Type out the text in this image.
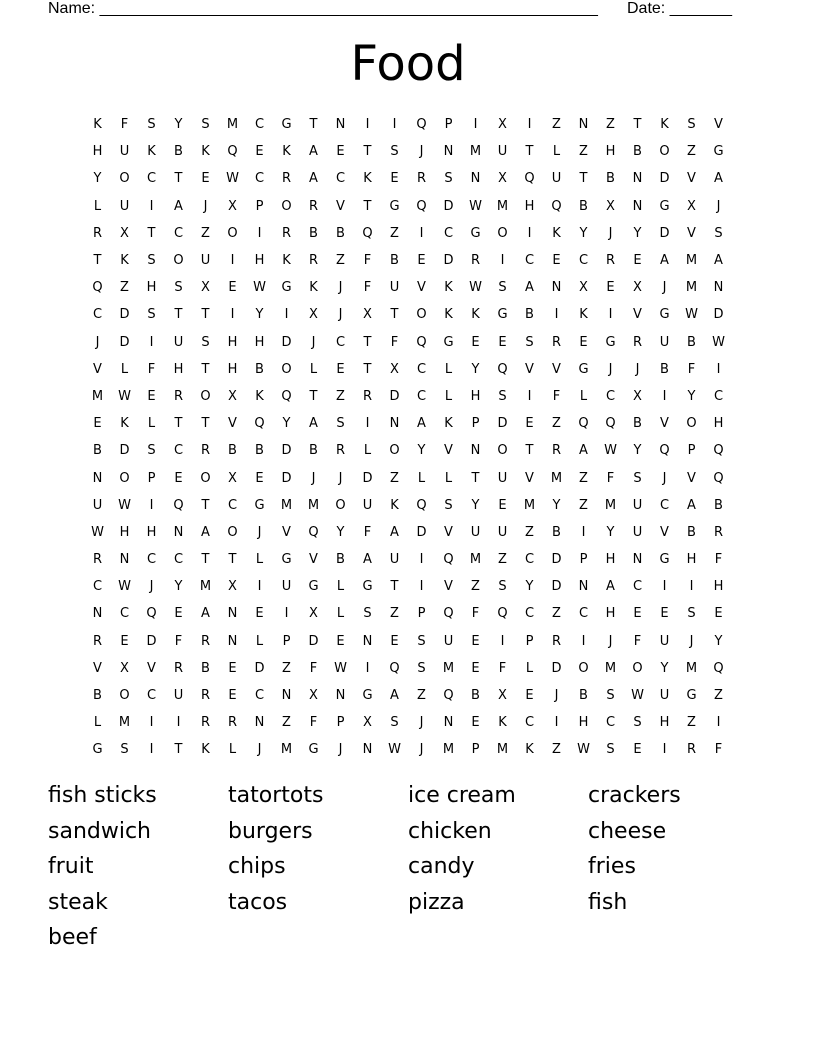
Name: ________________________________________________________ Date: _______
Food
K	F	S	Y	S	M	C	G	T	N	I	I	Q	P	I	X	I	Z	N	Z	T	K	S	V
H	U	K	B	K	Q	E	K	A	E	T	S	J	N	M	U	T	L	Z	H	B	O	Z	G
Y	O	C	T	E	W	C	R	A	C	K	E	R	S	N	X	Q	U	T	B	N	D	V	A
L	U	I	A	J	X	P	O	R	V	T	G	Q	D	W	M	H	Q	B	X	N	G	X	J
R	X	T	C	Z	O	I	R	B	B	Q	Z	I	C	G	O	I	K	Y	J	Y	D	V	S
T	K	S	O	U	I	H	K	R	Z	F	B	E	D	R	I	C	E	C	R	E	A	M	A
Q	Z	H	S	X	E	W	G	K	J	F	U	V	K	W	S	A	N	X	E	X	J	M	N
C	D	S	T	T	I	Y	I	X	J	X	T	O	K	K	G	B	I	K	I	V	G	W	D
J	D	I	U	S	H	H	D	J	C	T	F	Q	G	E	E	S	R	E	G	R	U	B	W
V	L	F	H	T	H	B	O	L	E	T	X	C	L	Y	Q	V	V	G	J	J	B	F	I
M	W	E	R	O	X	K	Q	T	Z	R	D	C	L	H	S	I	F	L	C	X	I	Y	C
E	K	L	T	T	V	Q	Y	A	S	I	N	A	K	P	D	E	Z	Q	Q	B	V	O	H
B	D	S	C	R	B	B	D	B	R	L	O	Y	V	N	O	T	R	A	W	Y	Q	P	Q
N	O	P	E	O	X	E	D	J	J	D	Z	L	L	T	U	V	M	Z	F	S	J	V	Q
U	W	I	Q	T	C	G	M	M	O	U	K	Q	S	Y	E	M	Y	Z	M	U	C	A	B
W	H	H	N	A	O	J	V	Q	Y	F	A	D	V	U	U	Z	B	I	Y	U	V	B	R
R	N	C	C	T	T	L	G	V	B	A	U	I	Q	M	Z	C	D	P	H	N	G	H	F
C	W	J	Y	M	X	I	U	G	L	G	T	I	V	Z	S	Y	D	N	A	C	I	I	H
N	C	Q	E	A	N	E	I	X	L	S	Z	P	Q	F	Q	C	Z	C	H	E	E	S	E
R	E	D	F	R	N	L	P	D	E	N	E	S	U	E	I	P	R	I	J	F	U	J	Y
V	X	V	R	B	E	D	Z	F	W	I	Q	S	M	E	F	L	D	O	M	O	Y	M	Q
B	O	C	U	R	E	C	N	X	N	G	A	Z	Q	B	X	E	J	B	S	W	U	G	Z
L	M	I	I	R	R	N	Z	F	P	X	S	J	N	E	K	C	I	H	C	S	H	Z	I
G	S	I	T	K	L	J	M	G	J	N	W	J	M	P	M	K	Z	W	S	E	I	R	F
fish sticks	tatortots	ice cream	crackers
sandwich	burgers	chicken	cheese
fruit	chips	candy	fries
steak	tacos	pizza	fish
beef
